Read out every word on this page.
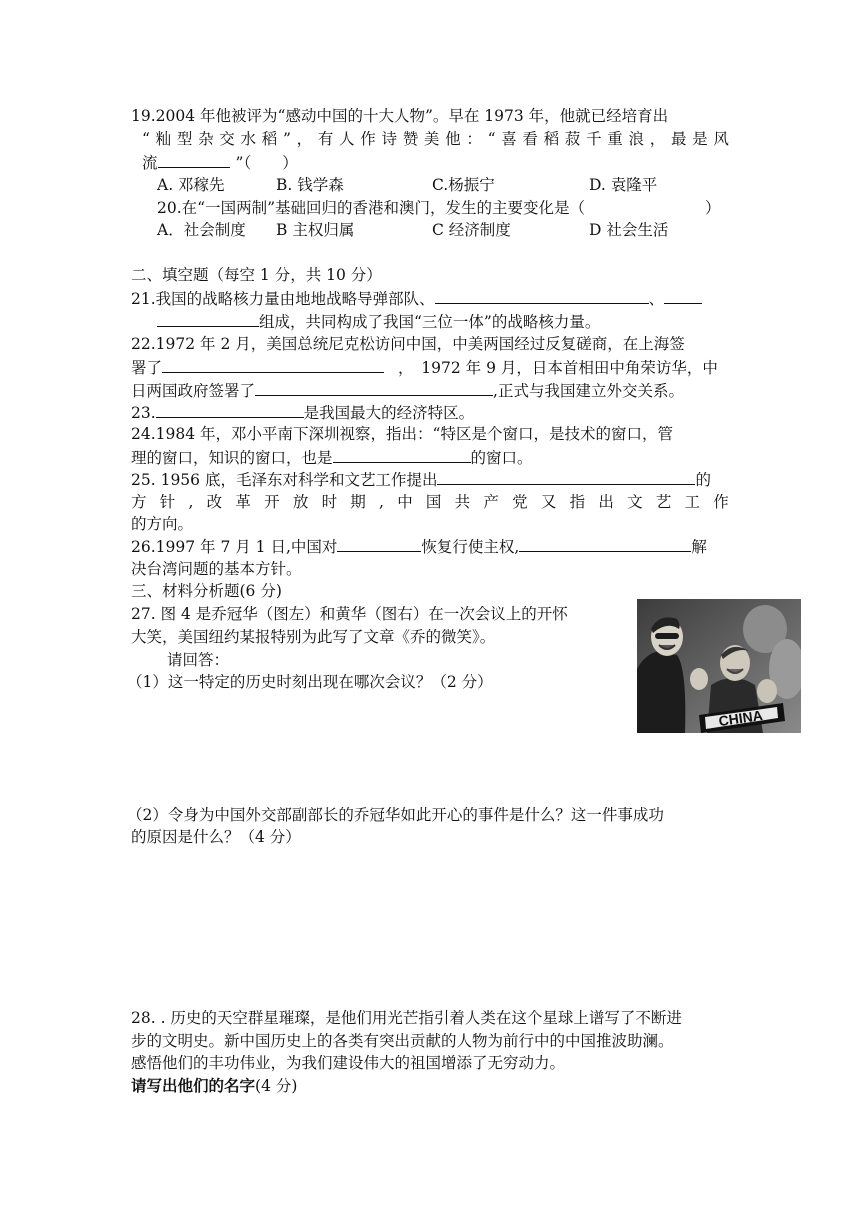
19.2004 年他被评为“感动中国的十大人物”。早在 1973 年，他就已经培育出
“ 籼 型 杂 交 水 稻 ” ， 有 人 作 诗 赞 美 他 ： “ 喜 看 稻 菽 千 重 浪 ， 最 是 风
流	”（　　）
A. 邓稼先	B. 钱学森	C.杨振宁	D. 袁隆平
20.在“一国两制”基础回归的香港和澳门，发生的主要变化是（	）
A．社会制度 B 主权归属	C 经济制度	D 社会生活
二、填空题（每空 1 分，共 10 分）
21.我国的战略核力量由地地战略导弹部队、	、
组成，共同构成了我国“三位一体”的战略核力量。
22.1972 年 2 月，美国总统尼克松访问中国，中美两国经过反复磋商，在上海签
署了	，　1972 年 9 月，日本首相田中角荣访华，中
日两国政府签署了	,正式与我国建立外交关系。
23.	是我国最大的经济特区。
24.1984 年，邓小平南下深圳视察，指出：“特区是个窗口，是技术的窗口，管
理的窗口，知识的窗口，也是	的窗口。
25. 1956 底，毛泽东对科学和文艺工作提出	的
方 针 , 改 革 开 放 时 期 , 中 国 共 产 党 又 指 出 文 艺 工 作
的方向。
26.1997 年 7 月 1 日,中国对	恢复行使主权,	解
决台湾问题的基本方针。
三、材料分析题(6 分)
27. 图 4 是乔冠华（图左）和黄华（图右）在一次会议上的开怀
大笑，美国纽约某报特别为此写了文章《乔的微笑》。
请回答：
（1）这一特定的历史时刻出现在哪次会议？（2 分）
CHINA
（2）令身为中国外交部副部长的乔冠华如此开心的事件是什么？这一件事成功
的原因是什么？（4 分）
28. . 历史的天空群星璀璨，是他们用光芒指引着人类在这个星球上谱写了不断进
步的文明史。新中国历史上的各类有突出贡献的人物为前行中的中国推波助澜。
感悟他们的丰功伟业，为我们建设伟大的祖国增添了无穷动力。
请写出他们的名字(4 分)
